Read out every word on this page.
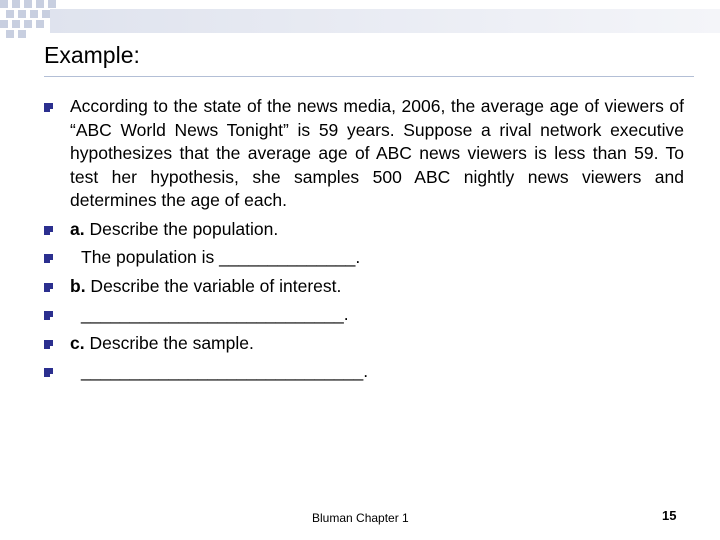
Example:
According to the state of the news media, 2006, the average age of viewers of “ABC World News Tonight” is 59 years. Suppose a rival network executive hypothesizes that the average age of ABC news viewers is less than 59. To test her hypothesis, she samples 500 ABC nightly news viewers and determines the age of each.
a. Describe the population.
The population is ______________.
b. Describe the variable of interest.
___________________________.
c. Describe the sample.
_____________________________.
Bluman Chapter 1	15
